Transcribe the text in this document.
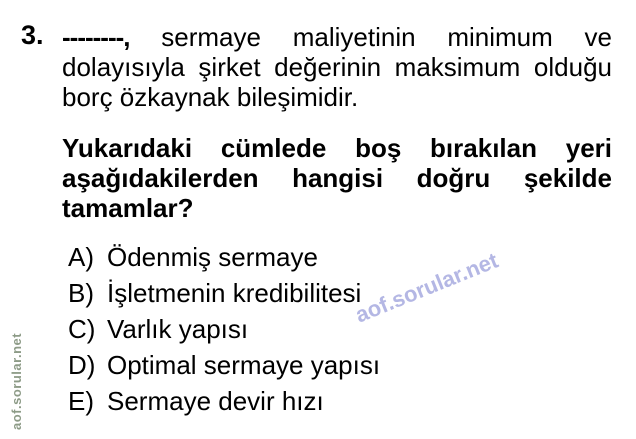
aof.sorular.net
aof.sorular.net
3. --------, sermaye maliyetinin minimum ve dolayısıyla şirket değerinin maksimum olduğu borç özkaynak bileşimidir.

Yukarıdaki cümlede boş bırakılan yeri aşağıdakilerden hangisi doğru şekilde tamamlar?

A) Ödenmiş sermaye
B) İşletmenin kredibilitesi
C) Varlık yapısı
D) Optimal sermaye yapısı
E) Sermaye devir hızı
